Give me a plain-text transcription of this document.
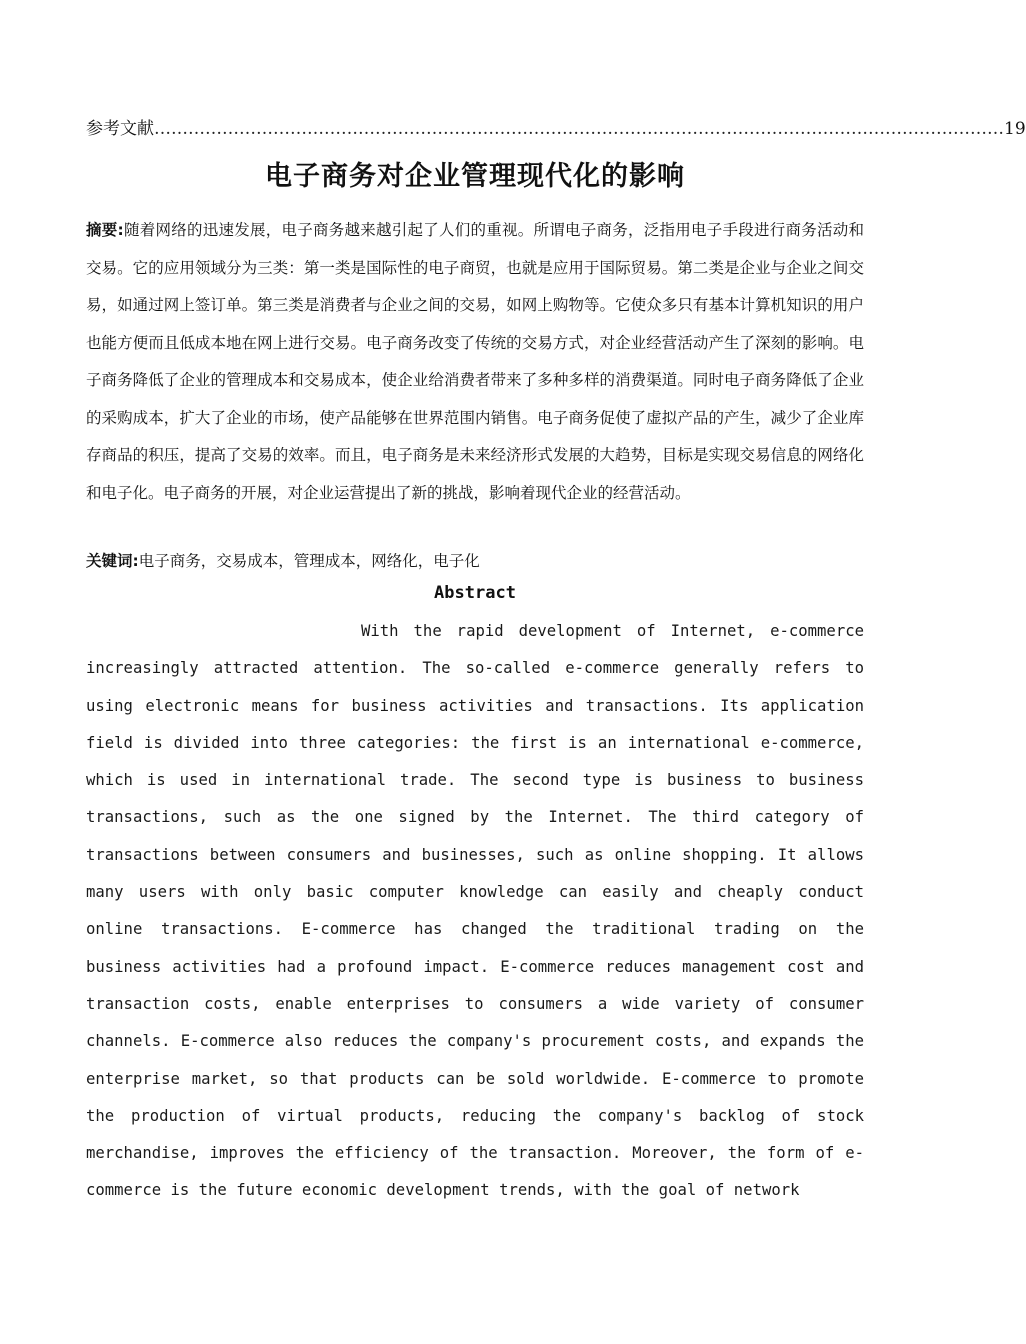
参考文献 …………………………………………………………………………………………………………………………………… 19
电子商务对企业管理现代化的影响
摘要:随着网络的迅速发展，电子商务越来越引起了人们的重视。所谓电子商务，泛指用电子手段进行商务活动和交易。它的应用领域分为三类：第一类是国际性的电子商贸，也就是应用于国际贸易。第二类是企业与企业之间交易，如通过网上签订单。第三类是消费者与企业之间的交易，如网上购物等。它使众多只有基本计算机知识的用户也能方便而且低成本地在网上进行交易。电子商务改变了传统的交易方式，对企业经营活动产生了深刻的影响。电子商务降低了企业的管理成本和交易成本，使企业给消费者带来了多种多样的消费渠道。同时电子商务降低了企业的采购成本，扩大了企业的市场，使产品能够在世界范围内销售。电子商务促使了虚拟产品的产生，减少了企业库存商品的积压，提高了交易的效率。而且，电子商务是未来经济形式发展的大趋势，目标是实现交易信息的网络化和电子化。电子商务的开展，对企业运营提出了新的挑战，影响着现代企业的经营活动。
关键词:电子商务，交易成本，管理成本，网络化，电子化
Abstract
With the rapid development of Internet, e-commerce increasingly attracted attention. The so-called e-commerce generally refers to using electronic means for business activities and transactions. Its application field is divided into three categories: the first is an international e-commerce, which is used in international trade. The second type is business to business transactions, such as the one signed by the Internet. The third category of transactions between consumers and businesses, such as online shopping. It allows many users with only basic computer knowledge can easily and cheaply conduct online transactions. E-commerce has changed the traditional trading on the business activities had a profound impact. E-commerce reduces management cost and transaction costs, enable enterprises to consumers a wide variety of consumer channels. E-commerce also reduces the company's procurement costs, and expands the enterprise market, so that products can be sold worldwide. E-commerce to promote the production of virtual products, reducing the company's backlog of stock merchandise, improves the efficiency of the transaction. Moreover, the form of e-commerce is the future economic development trends, with the goal of network
